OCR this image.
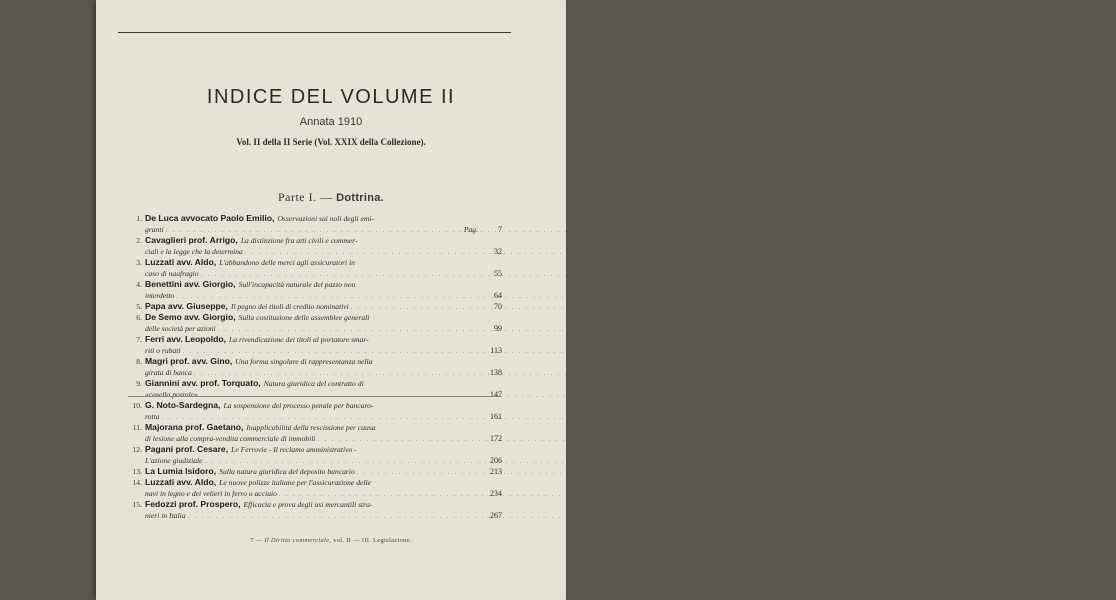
INDICE DEL VOLUME II
Annata 1910
Vol. II della II Serie (Vol. XXIX della Collezione).
Parte I. — Dottrina.
1. De Luca avvocato Paolo Emilio, Osservazioni sui noli degli emi-
granti . . .	Pag.	7
2. Cavaglieri prof. Arrigo, La distinzione fra atti civili e commer-
ciali e la legge che la determina . . .	32
3. Luzzati avv. Aldo, L'abbandono delle merci agli assicuratori in
caso di naufragio . . .	55
4. Benettini avv. Giorgio, Sull'incapacità naturale del pazzo non
interdetto . . .	64
5. Papa avv. Giuseppe, Il pegno dei titoli di credito nominativi . . .	70
6. De Semo avv. Giorgio, Sulla costituzione delle assemblee generali
delle società per azioni . . .	99
7. Ferri avv. Leopoldo, La rivendicazione dei titoli al portatore smar-
riti o rubati . . .	113
8. Magri prof. avv. Gino, Una forma singolare di rappresentanza nella
girata di banca . . .	138
9. Giannini avv. prof. Torquato, Natura giuridica del contratto di
«casella postale» . . .	147
10. G. Noto-Sardegna, La sospensione del processo penale per bancaro-
rotta . . .	161
11. Majorana prof. Gaetano, Inapplicabilità della rescissione per causa
di lesione alla compra-vendita commerciale di immobili . . .	172
12. Pagani prof. Cesare, Le Ferrovie - Il reclamo amministrativo -
L'azione giudiziale . . .	206
13. La Lumia Isidoro, Sulla natura giuridica del deposito bancario . . .	213
14. Luzzati avv. Aldo, Le nuove polizze italiane per l'assicurazione delle
navi in legno e dei velieri in ferro o acciaio . . .	234
15. Fedozzi prof. Prospero, Efficacia e prova degli usi mercantili stra-
nieri in Italia . . .	267
7 — Il Diritto commerciale, vol. II — III. Legislazione.
